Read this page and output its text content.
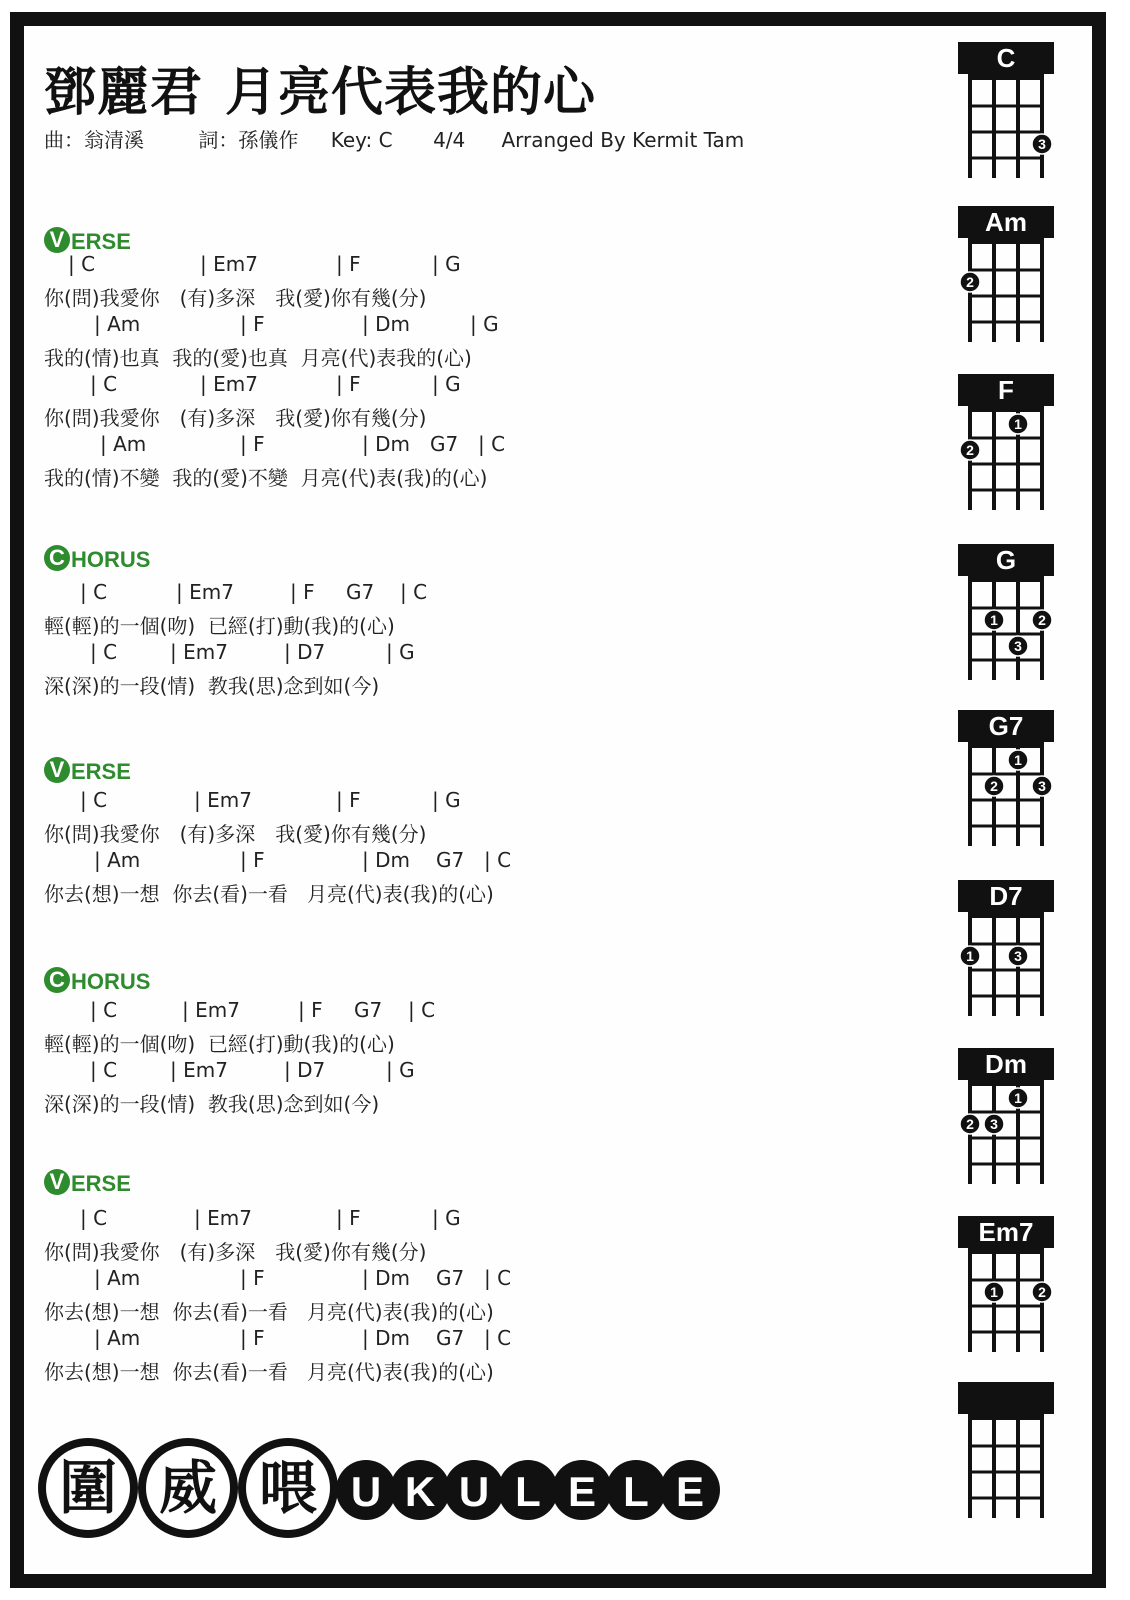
鄧麗君 月亮代表我的心
曲：翁清溪	詞：孫儀作 Key: C 4/4 Arranged By Kermit Tam
V ERSE
C HORUS
V ERSE
C HORUS
V ERSE
| C	| Em7	| F	| G
你(問)我愛你　(有)多深　我(愛)你有幾(分)
| Am	| F	| Dm	| G
我的(情)也真  我的(愛)也真  月亮(代)表我的(心)
| C	| Em7	| F	| G
你(問)我愛你　(有)多深　我(愛)你有幾(分)
| Am	| F	| Dm G7 | C
我的(情)不變  我的(愛)不變  月亮(代)表(我)的(心)
| C	| Em7	| F G7 | C
輕(輕)的一個(吻)  已經(打)動(我)的(心)
| C	| Em7	| D7	| G
深(深)的一段(情)  教我(思)念到如(今)
| C	| Em7	| F	| G
你(問)我愛你　(有)多深　我(愛)你有幾(分)
| Am	| F	| Dm G7 | C
你去(想)一想  你去(看)一看   月亮(代)表(我)的(心)
| C	| Em7	| F G7 | C
輕(輕)的一個(吻)  已經(打)動(我)的(心)
| C	| Em7	| D7	| G
深(深)的一段(情)  教我(思)念到如(今)
| C	| Em7	| F	| G
你(問)我愛你　(有)多深　我(愛)你有幾(分)
| Am	| F	| Dm G7 | C
你去(想)一想  你去(看)一看   月亮(代)表(我)的(心)
| Am	| F	| Dm G7 | C
你去(想)一想  你去(看)一看   月亮(代)表(我)的(心)
C
3
Am
2
F
2
1
G
1
3
2
G7
2
1
3
D7
1	3
Dm
2 3
1
Em7
1	2
圍 威 喂 U K U L E L E
